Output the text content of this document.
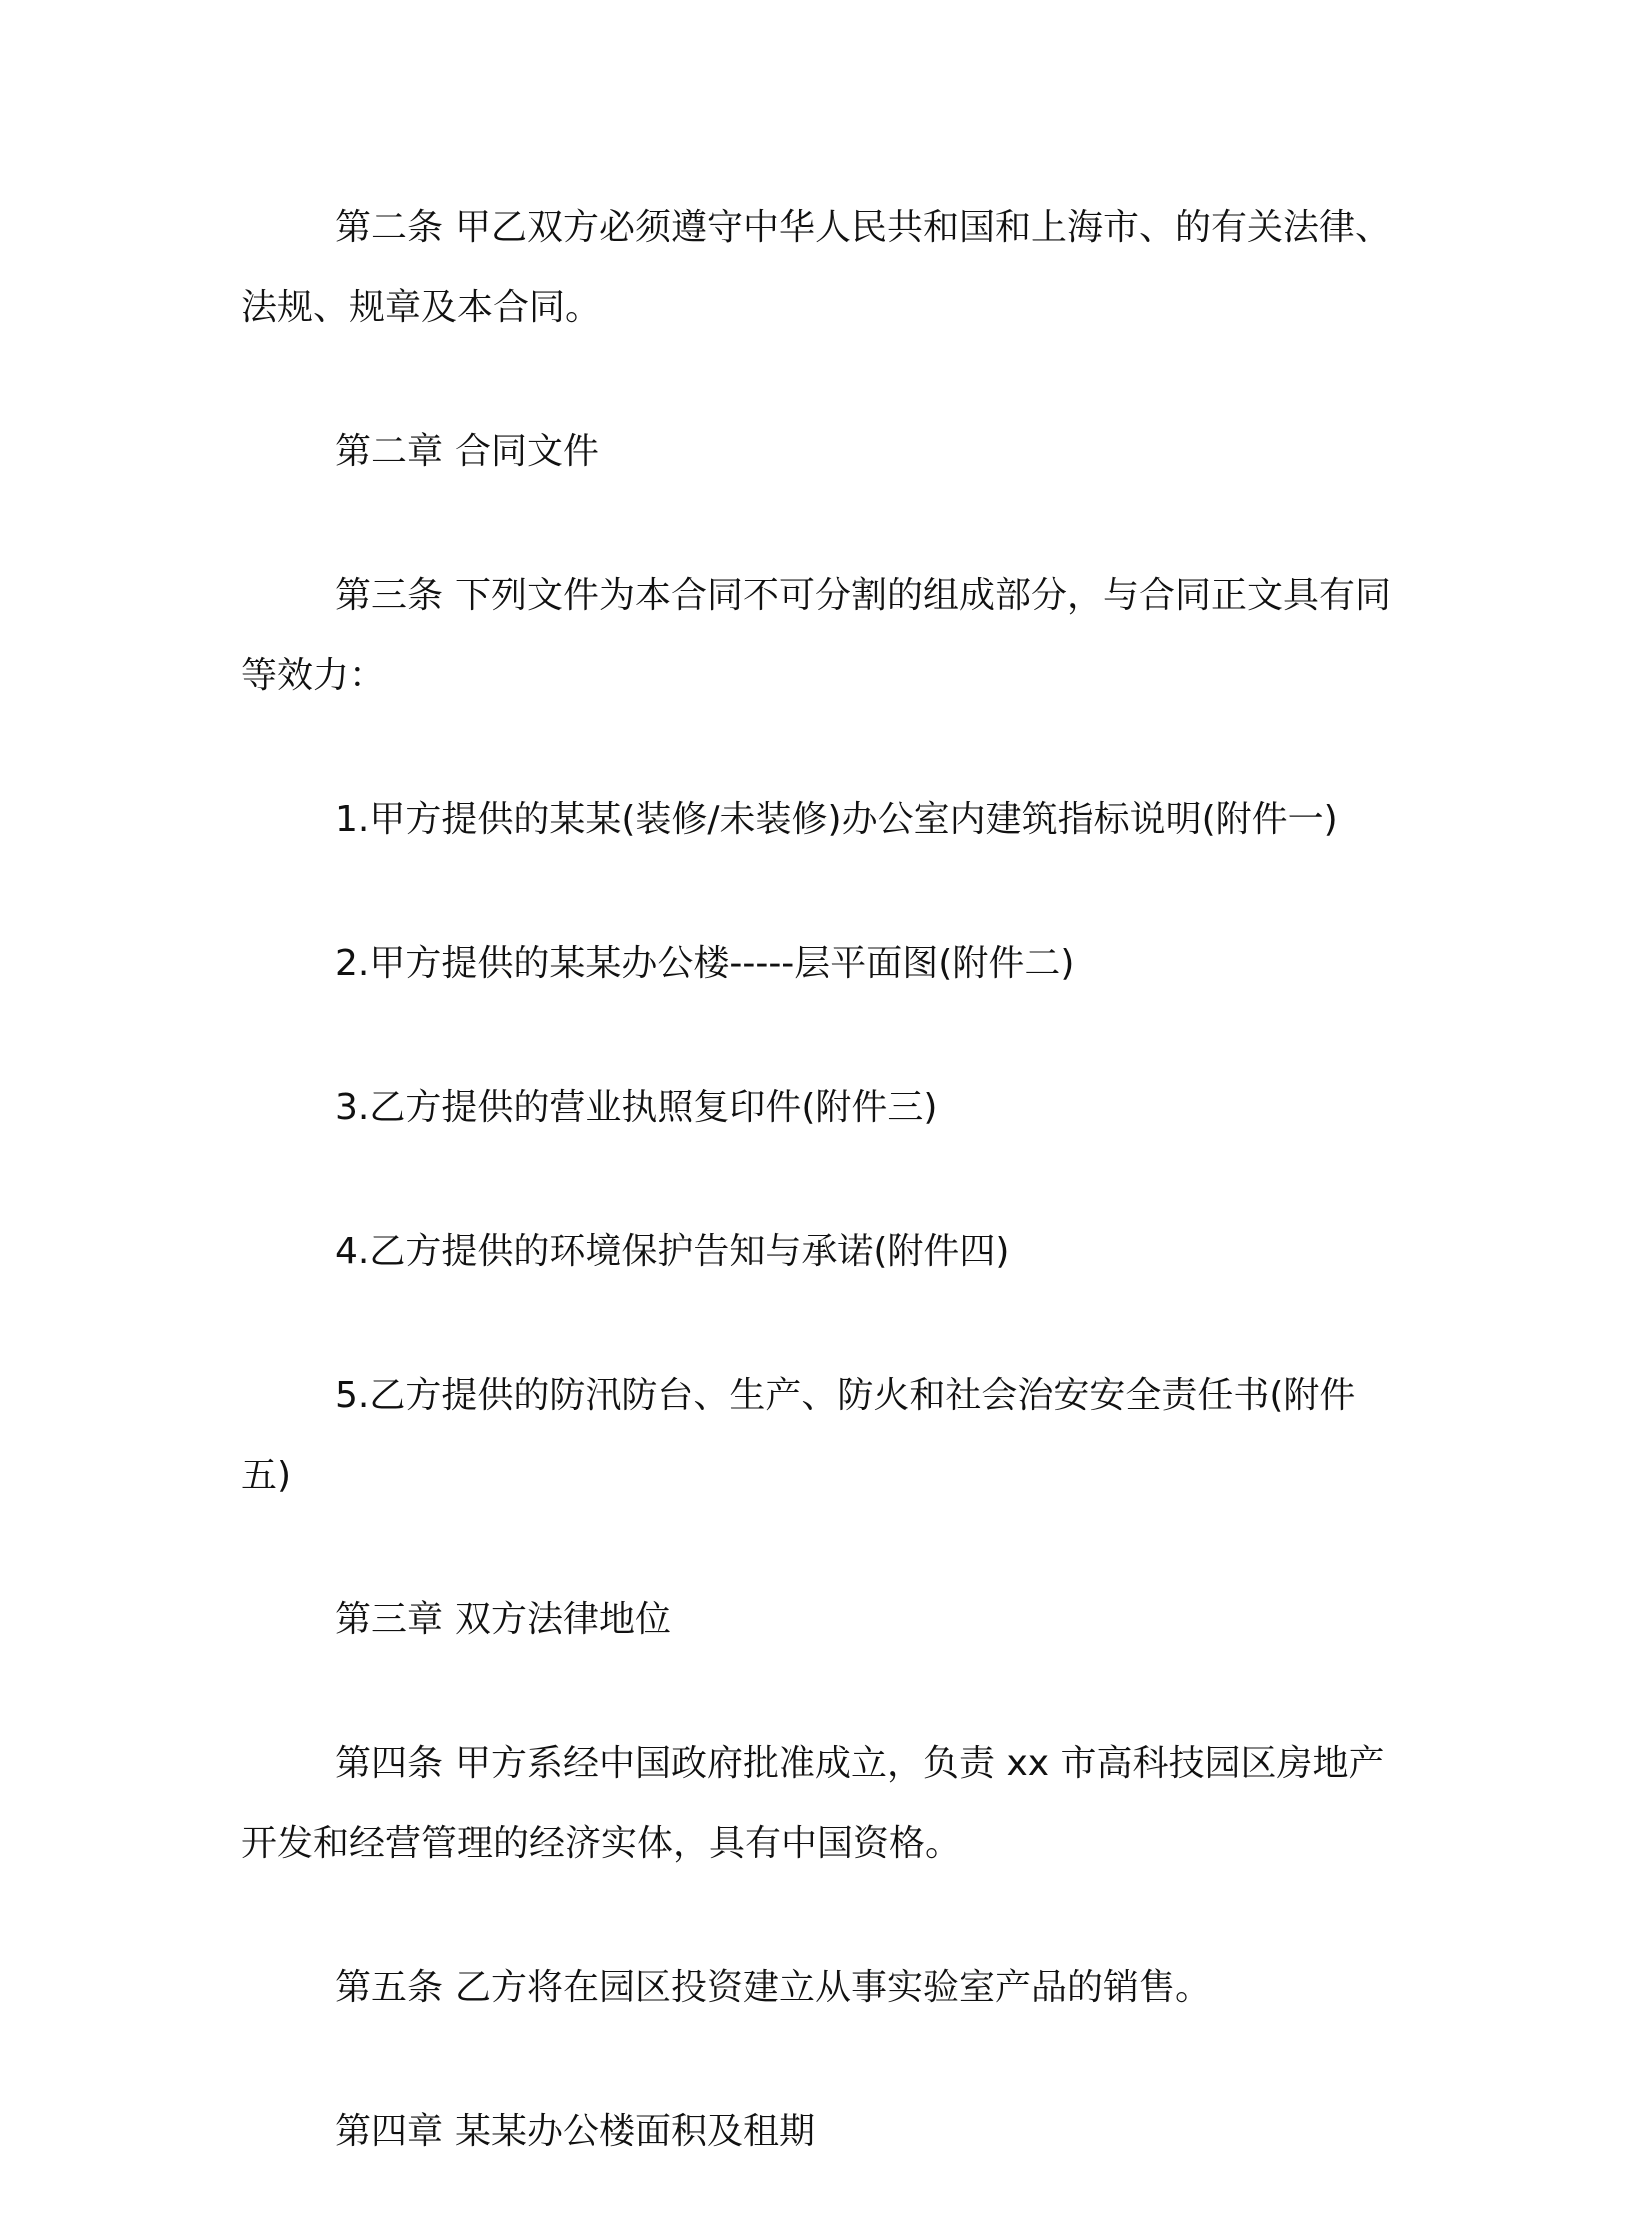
第二条 甲乙双方必须遵守中华人民共和国和上海市、的有关法律、法规、规章及本合同。

第二章 合同文件

第三条 下列文件为本合同不可分割的组成部分，与合同正文具有同等效力：

1.甲方提供的某某(装修/未装修)办公室内建筑指标说明(附件一)

2.甲方提供的某某办公楼-----层平面图(附件二)

3.乙方提供的营业执照复印件(附件三)

4.乙方提供的环境保护告知与承诺(附件四)

5.乙方提供的防汛防台、生产、防火和社会治安安全责任书(附件五)

第三章 双方法律地位

第四条 甲方系经中国政府批准成立，负责 xx 市高科技园区房地产开发和经营管理的经济实体，具有中国资格。

第五条 乙方将在园区投资建立从事实验室产品的销售。

第四章 某某办公楼面积及租期
